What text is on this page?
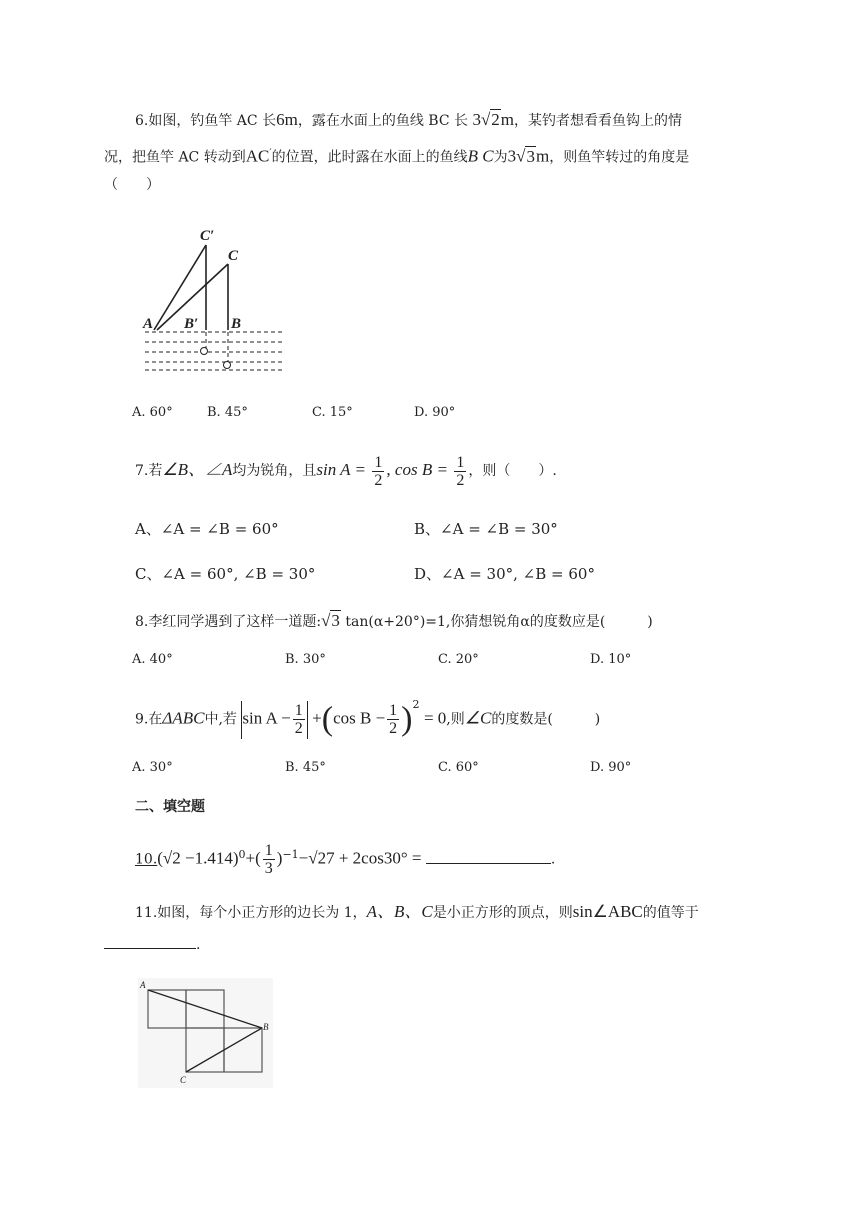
6.如图，钓鱼竿 AC 长6m，露在水面上的鱼线 BC 长 3√2m，某钓者想看看鱼钩上的情
况，把鱼竿 AC 转动到AC′的位置，此时露在水面上的鱼线B C为3√3m，则鱼竿转过的角度是
（　　）
A B′ B
C′
C
A. 60°	B. 45°	C. 15°	D. 90°
7.若∠B、∠A均为锐角，且$\sin A = \frac{1}{2}$ , $\cos B = \frac{1}{2}$ ，则（　　）.
A、∠A = ∠B = 60°	B、∠A = ∠B = 30°
C、∠A = 60°, ∠B = 30°	D、∠A = 30°, ∠B = 60°
8.李红同学遇到了这样一道题:√3 tan(α+20°)=1,你猜想锐角α的度数应是(　　　)
A. 40°	B. 30°	C. 20°	D. 10°
9.在ΔABC中,若 $\sin A - \frac{1}{2} +(\cos$ $B - \frac{1}{2} )^2 = 0$,则∠C的度数是(　　　)
A. 30°	B. 45°	C. 60°	D. 90°
二、填空题
$10.(√2 -1.414)^0+( \frac{1}{3} )^{-1}-√27 + 2\cos 30^\circ$ =	.
11.如图，每个小正方形的边长为 1，A、B、C是小正方形的顶点，则sin∠ABC的值等于
.
A
B
C
